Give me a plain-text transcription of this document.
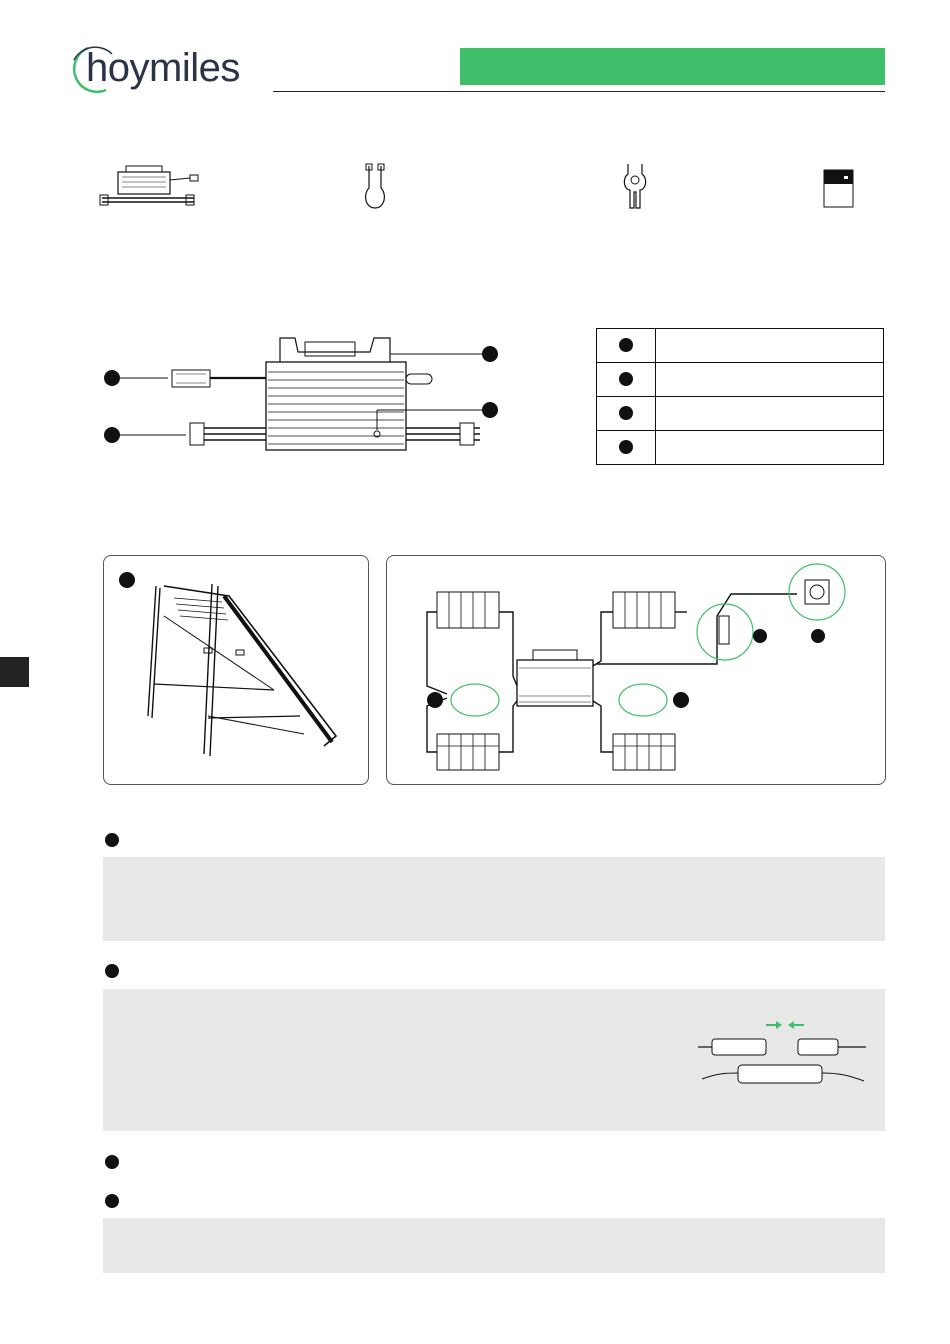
hoymiles
